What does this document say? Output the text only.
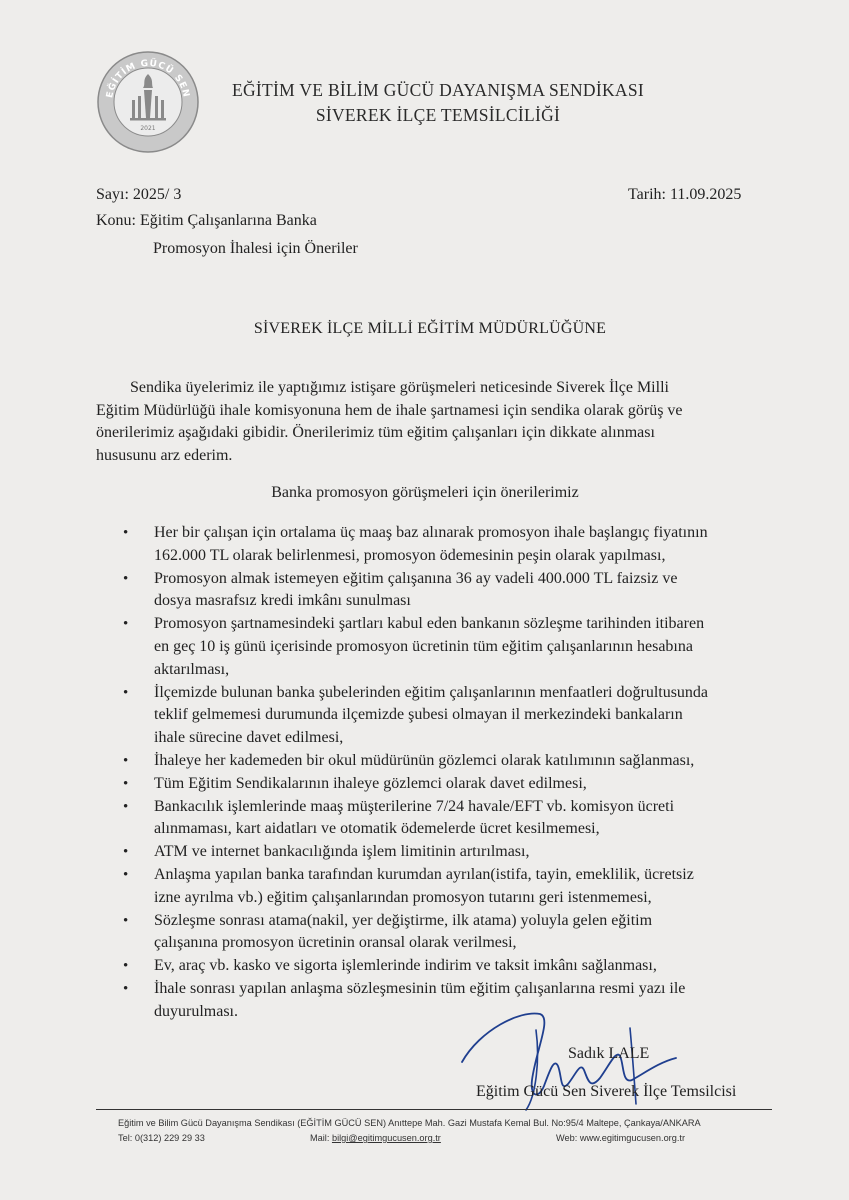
EĞİTİM GÜCÜ SEN
2021
EĞİTİM VE BİLİM GÜCÜ DAYANIŞMA SENDİKASI
SİVEREK İLÇE TEMSİLCİLİĞİ
Sayı: 2025/ 3	Tarih: 11.09.2025
Konu: Eğitim Çalışanlarına Banka
Promosyon İhalesi için Öneriler
SİVEREK İLÇE MİLLİ EĞİTİM MÜDÜRLÜĞÜNE

Sendika üyelerimiz ile yaptığımız istişare görüşmeleri neticesinde Siverek İlçe Milli

Eğitim Müdürlüğü ihale komisyonuna hem de ihale şartnamesi için sendika olarak görüş ve

önerilerimiz aşağıdaki gibidir. Önerilerimiz tüm eğitim çalışanları için dikkate alınması

hususunu arz ederim.

Banka promosyon görüşmeleri için önerilerimiz
• Her bir çalışan için ortalama üç maaş baz alınarak promosyon ihale başlangıç fiyatının
162.000 TL olarak belirlenmesi, promosyon ödemesinin peşin olarak yapılması,
• Promosyon almak istemeyen eğitim çalışanına 36 ay vadeli 400.000 TL faizsiz ve
dosya masrafsız kredi imkânı sunulması
• Promosyon şartnamesindeki şartları kabul eden bankanın sözleşme tarihinden itibaren
en geç 10 iş günü içerisinde promosyon ücretinin tüm eğitim çalışanlarının hesabına
aktarılması,
• İlçemizde bulunan banka şubelerinden eğitim çalışanlarının menfaatleri doğrultusunda
teklif gelmemesi durumunda ilçemizde şubesi olmayan il merkezindeki bankaların
ihale sürecine davet edilmesi,
• İhaleye her kademeden bir okul müdürünün gözlemci olarak katılımının sağlanması,
• Tüm Eğitim Sendikalarının ihaleye gözlemci olarak davet edilmesi,
• Bankacılık işlemlerinde maaş müşterilerine 7/24 havale/EFT vb. komisyon ücreti
alınmaması, kart aidatları ve otomatik ödemelerde ücret kesilmemesi,
• ATM ve internet bankacılığında işlem limitinin artırılması,
• Anlaşma yapılan banka tarafından kurumdan ayrılan(istifa, tayin, emeklilik, ücretsiz
izne ayrılma vb.) eğitim çalışanlarından promosyon tutarını geri istenmemesi,
• Sözleşme sonrası atama(nakil, yer değiştirme, ilk atama) yoluyla gelen eğitim
çalışanına promosyon ücretinin oransal olarak verilmesi,
• Ev, araç vb. kasko ve sigorta işlemlerinde indirim ve taksit imkânı sağlanması,
• İhale sonrası yapılan anlaşma sözleşmesinin tüm eğitim çalışanlarına resmi yazı ile
duyurulması.
Sadık LALE
Eğitim Gücü Sen Siverek İlçe Temsilcisi
Eğitim ve Bilim Gücü Dayanışma Sendikası (EĞİTİM GÜCÜ SEN) Anıttepe Mah. Gazi Mustafa Kemal Bul. No:95/4 Maltepe, Çankaya/ANKARA
Tel: 0(312) 229 29 33	Mail: bilgi@egitimgucusen.org.tr	Web: www.egitimgucusen.org.tr
